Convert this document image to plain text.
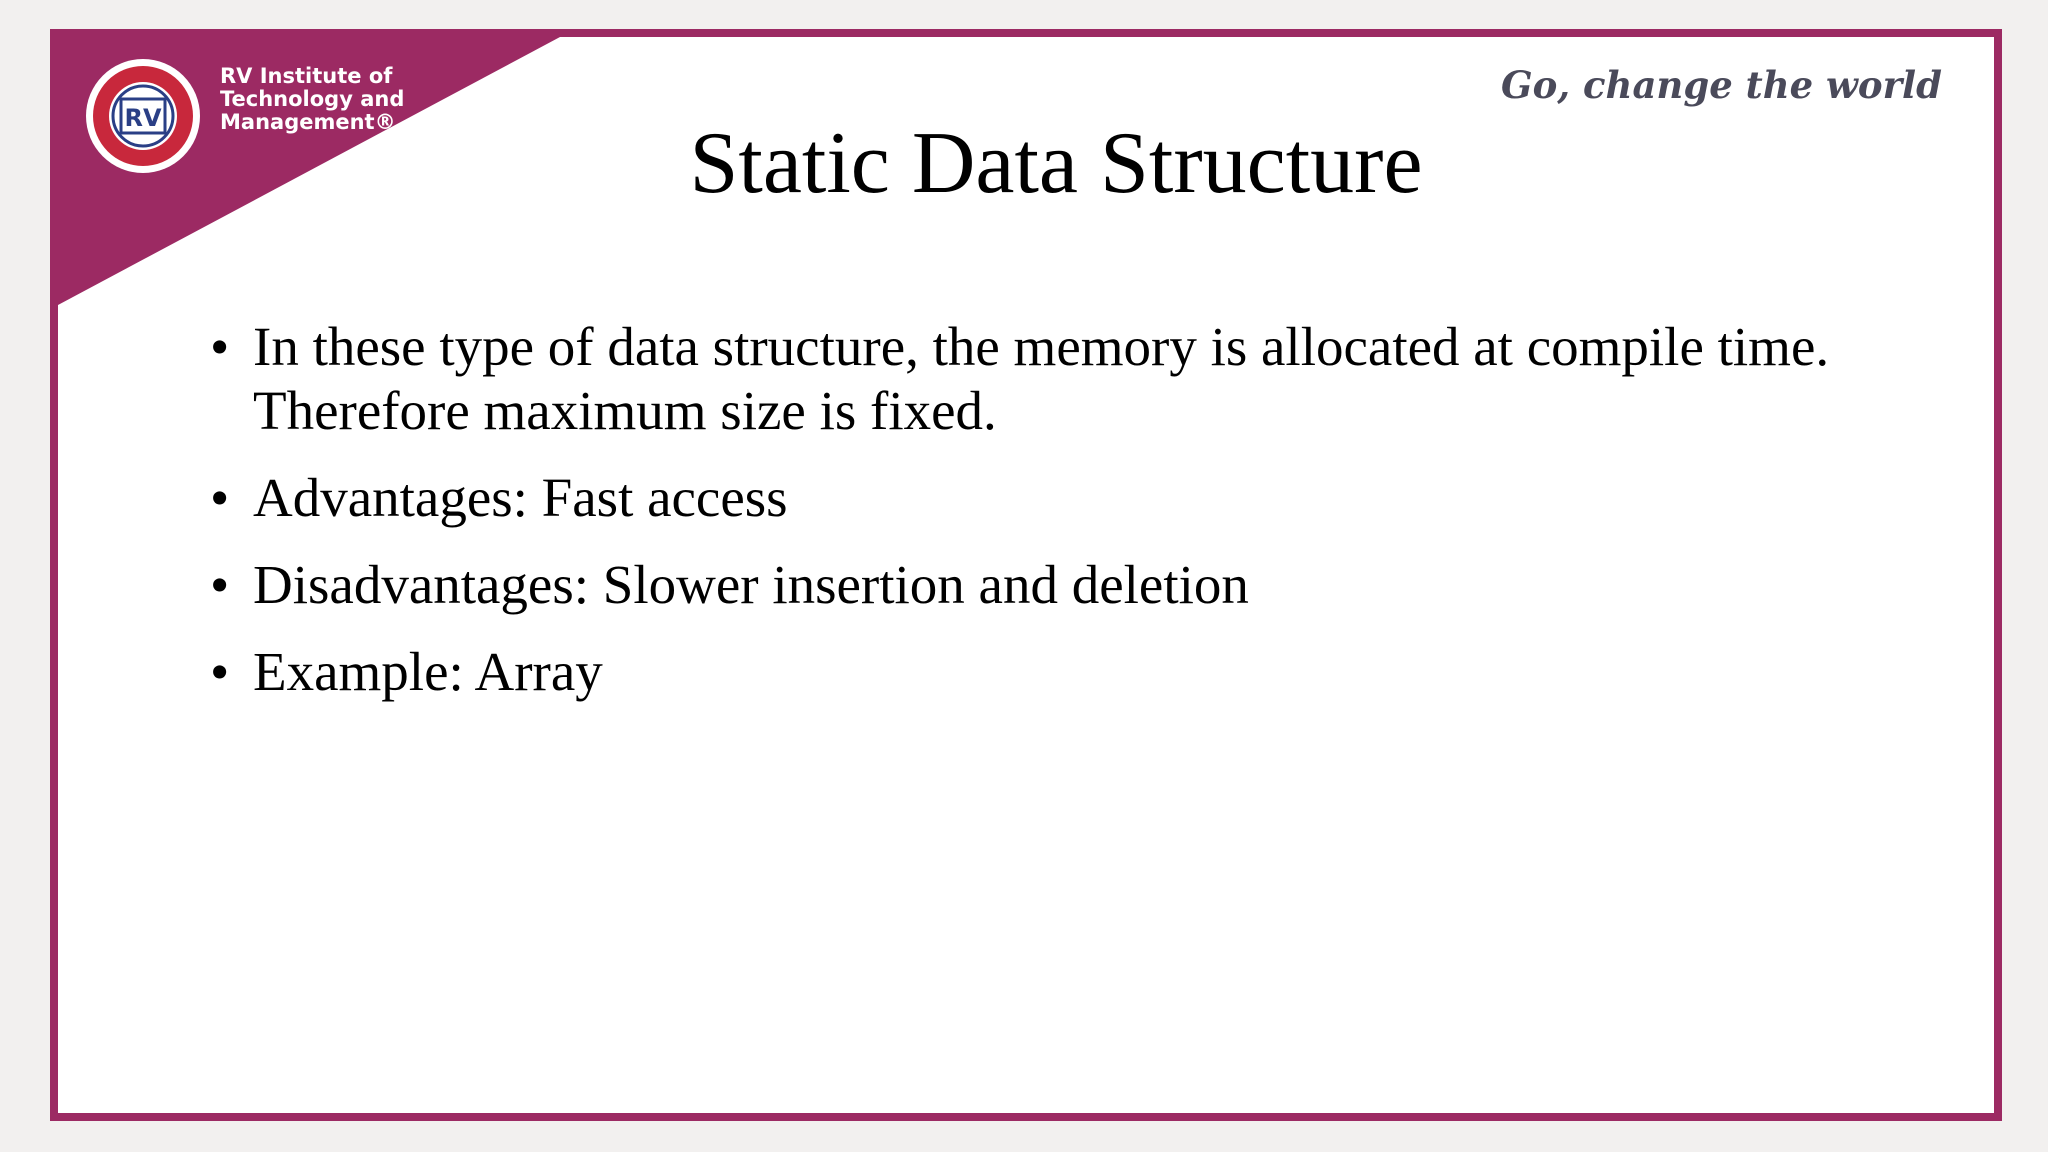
RV
RV Institute of
Technology and
Management®
Go, change the world
Static Data Structure
• In these type of data structure, the memory is allocated at compile time. Therefore maximum size is fixed.
• Advantages: Fast access
• Disadvantages: Slower insertion and deletion
• Example: Array
